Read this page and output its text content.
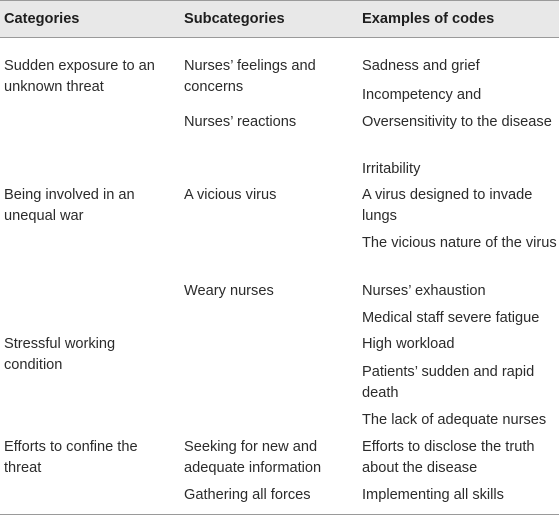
Categories	Subcategories	Examples of codes
Sudden exposure to an unknown threat
Nurses’ feelings and concerns
Nurses’ reactions
Sadness and grief
Incompetency and
Oversensitivity to the disease
Irritability
Being involved in an unequal war
A vicious virus
Weary nurses
A virus designed to invade lungs
The vicious nature of the virus
Nurses’ exhaustion
Medical staff severe fatigue
Stressful working condition
High workload
Patients’ sudden and rapid death
The lack of adequate nurses
Efforts to confine the threat
Seeking for new and adequate information
Gathering all forces
Efforts to disclose the truth about the disease
Implementing all skills
